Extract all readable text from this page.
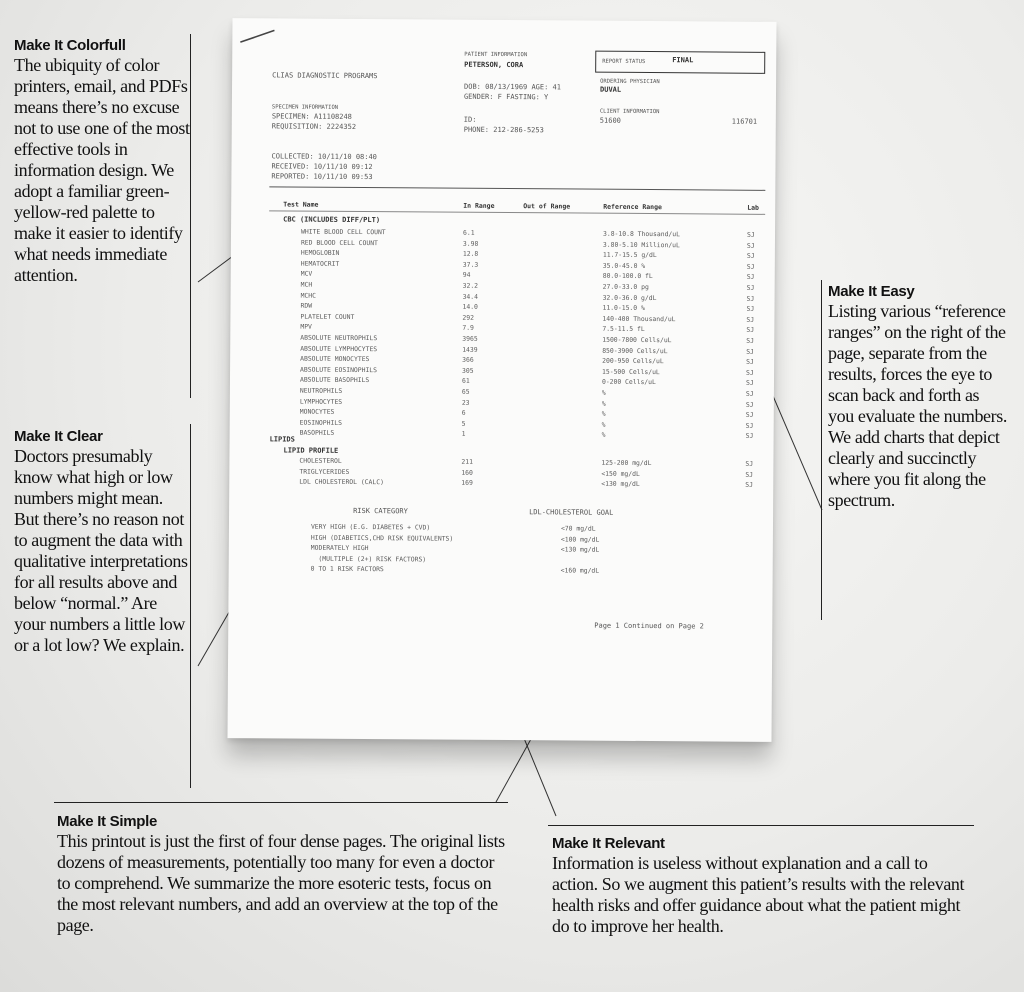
CLIAS DIAGNOSTIC PROGRAMS
PATIENT INFORMATION
PETERSON, CORA
DOB: 08/13/1969 AGE: 41
GENDER: F FASTING: Y
REPORT STATUS	FINAL
ORDERING PHYSICIAN
DUVAL
SPECIMEN INFORMATION
SPECIMEN: A11108248
REQUISITION: 2224352
ID:
PHONE: 212-286-5253
CLIENT INFORMATION
51600	116701
COLLECTED: 10/11/10 08:40
RECEIVED: 10/11/10 09:12
REPORTED: 10/11/10 09:53
Test Name	In Range	Out of Range	Reference Range	Lab
CBC (INCLUDES DIFF/PLT)
WHITE BLOOD CELL COUNT	6.1	3.8-10.8 Thousand/uL	SJ
RED BLOOD CELL COUNT	3.98	3.80-5.10 Million/uL	SJ
HEMOGLOBIN	12.8	11.7-15.5 g/dL	SJ
HEMATOCRIT	37.3	35.0-45.0 %	SJ
MCV	94	80.0-100.0 fL	SJ
MCH	32.2	27.0-33.0 pg	SJ
MCHC	34.4	32.0-36.0 g/dL	SJ
RDW	14.0	11.0-15.0 %	SJ
PLATELET COUNT	292	140-400 Thousand/uL	SJ
MPV	7.9	7.5-11.5 fL	SJ
ABSOLUTE NEUTROPHILS	3965	1500-7800 Cells/uL	SJ
ABSOLUTE LYMPHOCYTES	1439	850-3900 Cells/uL	SJ
ABSOLUTE MONOCYTES	366	200-950 Cells/uL	SJ
ABSOLUTE EOSINOPHILS	305	15-500 Cells/uL	SJ
ABSOLUTE BASOPHILS	61	0-200 Cells/uL	SJ
NEUTROPHILS	65	%	SJ
LYMPHOCYTES	23	%	SJ
MONOCYTES	6	%	SJ
EOSINOPHILS	5	%	SJ
BASOPHILS	1	%	SJ
LIPIDS
LIPID PROFILE
CHOLESTEROL	211	125-200 mg/dL	SJ
TRIGLYCERIDES	160	<150 mg/dL	SJ
LDL CHOLESTEROL (CALC)	169	<130 mg/dL	SJ
RISK CATEGORY	LDL-CHOLESTEROL GOAL
VERY HIGH (E.G. DIABETES + CVD)	<70 mg/dL
HIGH (DIABETICS,CHD RISK EQUIVALENTS)	<100 mg/dL
MODERATELY HIGH	<130 mg/dL
(MULTIPLE (2+) RISK FACTORS)
0 TO 1 RISK FACTORS	<160 mg/dL
Page 1 Continued on Page 2
Make It Colorfull
The ubiquity of color printers, email, and PDFs means there’s no excuse not to use one of the most effective tools in information design. We adopt a familiar green-yellow-red palette to make it easier to identify what needs immediate attention.
Make It Clear
Doctors presumably know what high or low numbers might mean. But there’s no reason not to augment the data with qualitative interpretations for all results above and below “normal.” Are your numbers a little low or a lot low? We explain.
Make It Easy
Listing various “reference ranges” on the right of the page, separate from the results, forces the eye to scan back and forth as you evaluate the numbers. We add charts that depict clearly and succinctly where you fit along the spectrum.
Make It Simple
This printout is just the first of four dense pages. The original lists dozens of measurements, potentially too many for even a doctor to comprehend. We summarize the more esoteric tests, focus on the most relevant numbers, and add an overview at the top of the page.
Make It Relevant
Information is useless without explanation and a call to action. So we augment this patient’s results with the relevant health risks and offer guidance about what the patient might do to improve her health.
